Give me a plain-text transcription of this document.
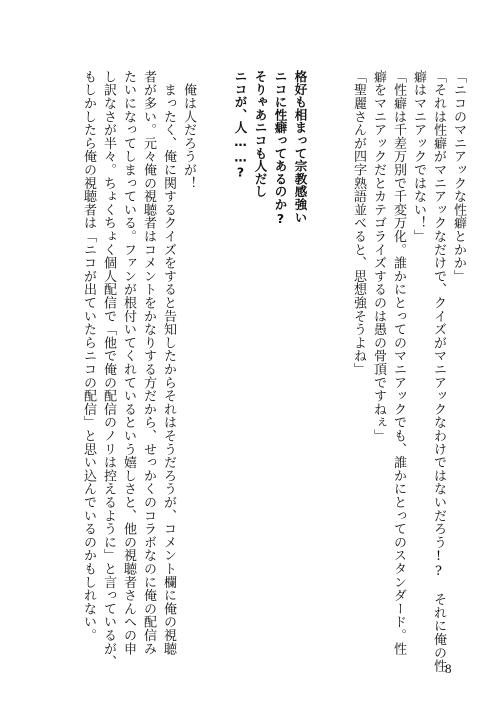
「ニコのマニアックな性癖とかか」

「それは性癖がマニアックなだけで、クイズがマニアックなわけではないだろう!?　それに俺の性

癖はマニアックではない！」

「性癖は千差万別で千変万化。誰かにとってのマニアックでも、誰かにとってのスタンダード。性

癖をマニアックだとカテゴライズするのは愚の骨頂ですねぇ」

「聖麗さんが四字熟語並べると、思想強そうよね」

格好も相まって宗教感強い

ニコに性癖ってあるのか?

そりゃあニコも人だし

ニコが、人……?

　俺は人だろうが！

　まったく、俺に関するクイズをすると告知したからそれはそうだろうが、コメント欄に俺の視聴

者が多い。元々俺の視聴者はコメントをかなりする方だから、せっかくのコラボなのに俺の配信み

たいになってしまっている。ファンが根付いてくれているという嬉しさと、他の視聴者さんへの申

し訳なさが半々。ちょくちょく個人配信で「他で俺の配信のノリは控えるように」と言っているが、

もしかしたら俺の視聴者は「ニコが出ていたらニコの配信」と思い込んでいるのかもしれない。

8
